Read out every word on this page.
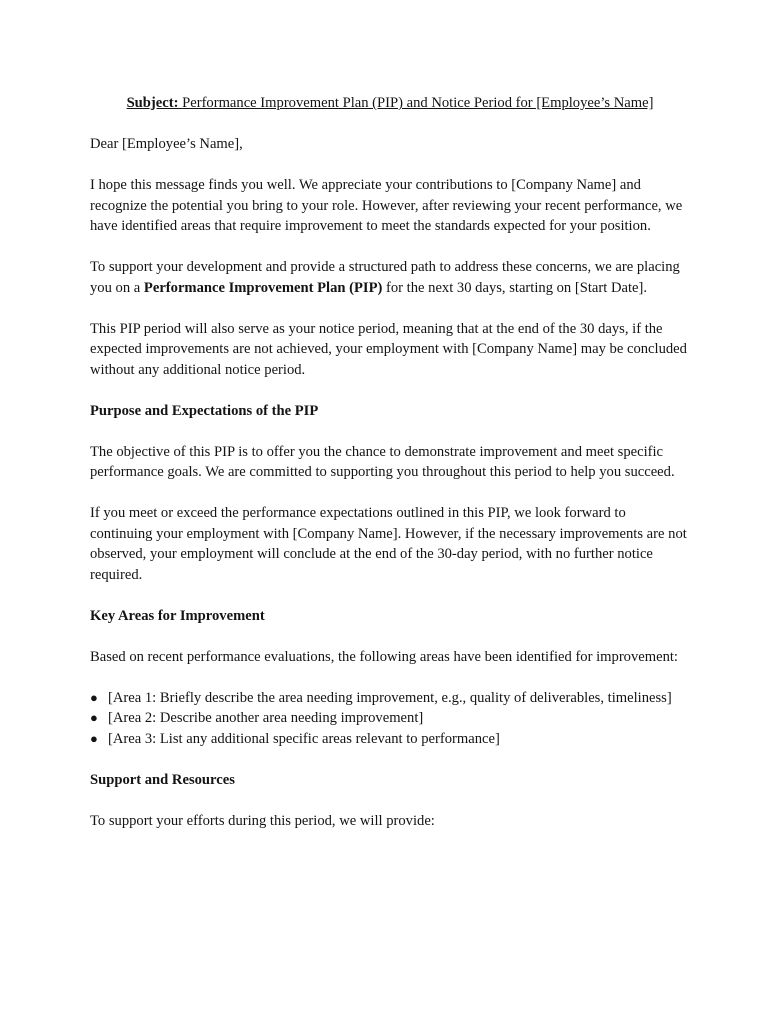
Subject: Performance Improvement Plan (PIP) and Notice Period for [Employee’s Name]

Dear [Employee’s Name],

I hope this message finds you well. We appreciate your contributions to [Company Name] and recognize the potential you bring to your role. However, after reviewing your recent performance, we have identified areas that require improvement to meet the standards expected for your position.

To support your development and provide a structured path to address these concerns, we are placing you on a Performance Improvement Plan (PIP) for the next 30 days, starting on [Start Date].

This PIP period will also serve as your notice period, meaning that at the end of the 30 days, if the expected improvements are not achieved, your employment with [Company Name] may be concluded without any additional notice period.

Purpose and Expectations of the PIP

The objective of this PIP is to offer you the chance to demonstrate improvement and meet specific performance goals. We are committed to supporting you throughout this period to help you succeed.

If you meet or exceed the performance expectations outlined in this PIP, we look forward to continuing your employment with [Company Name]. However, if the necessary improvements are not observed, your employment will conclude at the end of the 30-day period, with no further notice required.

Key Areas for Improvement

Based on recent performance evaluations, the following areas have been identified for improvement:

● [Area 1: Briefly describe the area needing improvement, e.g., quality of deliverables, timeliness]
● [Area 2: Describe another area needing improvement]
● [Area 3: List any additional specific areas relevant to performance]
Support and Resources

To support your efforts during this period, we will provide:
